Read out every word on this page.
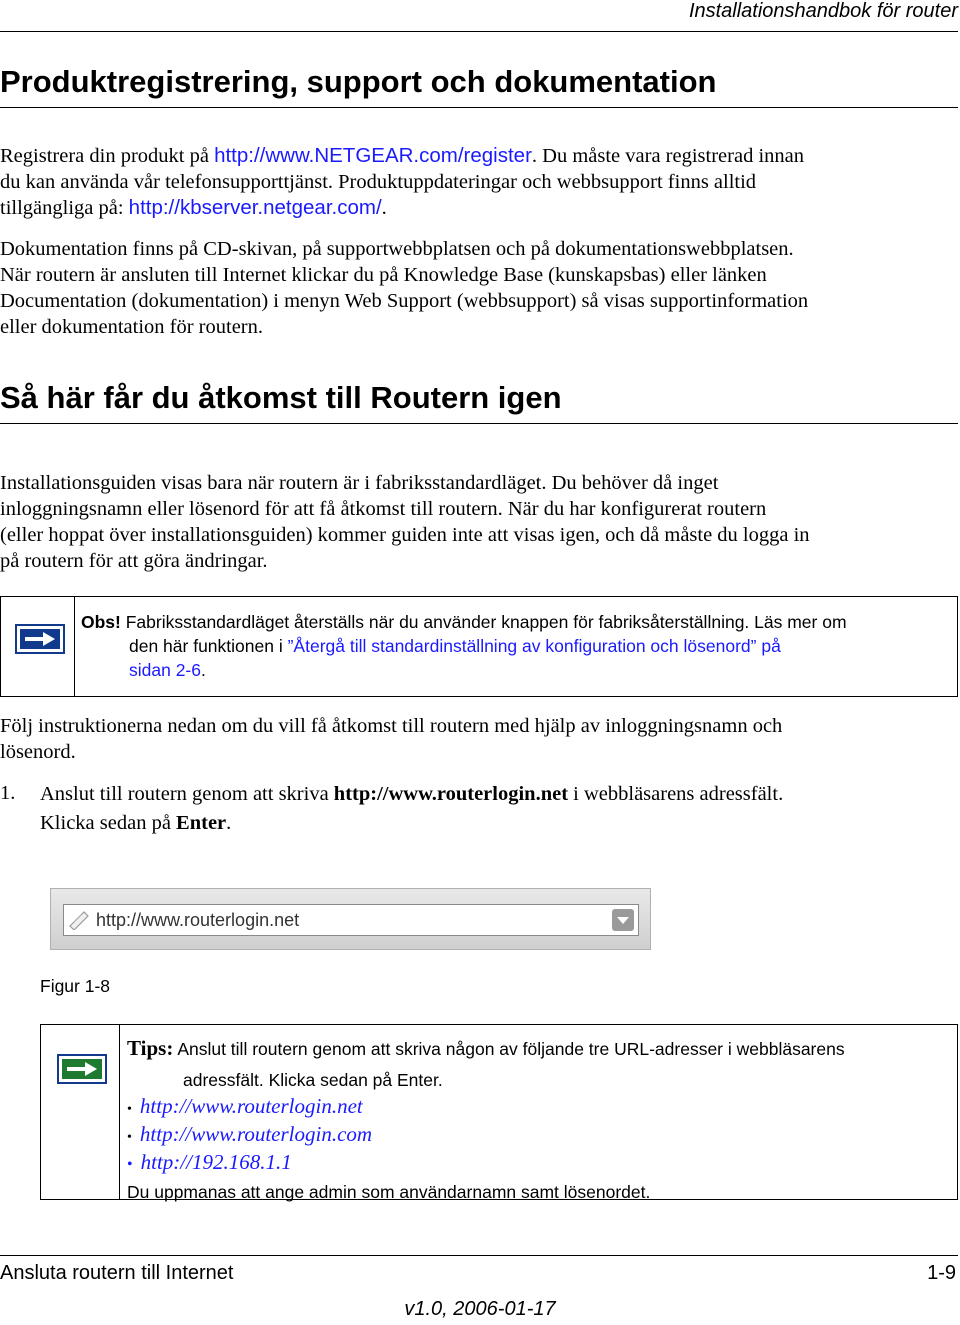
Installationshandbok för router
Produktregistrering, support och dokumentation
Registrera din produkt på http://www.NETGEAR.com/register. Du måste vara registrerad innan
du kan använda vår telefonsupporttjänst. Produktuppdateringar och webbsupport finns alltid
tillgängliga på: http://kbserver.netgear.com/.
Dokumentation finns på CD-skivan, på supportwebbplatsen och på dokumentationswebbplatsen.
När routern är ansluten till Internet klickar du på Knowledge Base (kunskapsbas) eller länken
Documentation (dokumentation) i menyn Web Support (webbsupport) så visas supportinformation
eller dokumentation för routern.
Så här får du åtkomst till Routern igen
Installationsguiden visas bara när routern är i fabriksstandardläget. Du behöver då inget
inloggningsnamn eller lösenord för att få åtkomst till routern. När du har konfigurerat routern
(eller hoppat över installationsguiden) kommer guiden inte att visas igen, och då måste du logga in
på routern för att göra ändringar.
Obs! Fabriksstandardläget återställs när du använder knappen för fabriksåterställning. Läs mer om
den här funktionen i ”Återgå till standardinställning av konfiguration och lösenord” på
sidan 2-6.
Följ instruktionerna nedan om du vill få åtkomst till routern med hjälp av inloggningsnamn och
lösenord.
1. Anslut till routern genom att skriva http://www.routerlogin.net i webbläsarens adressfält.
Klicka sedan på Enter.
http://www.routerlogin.net
Figur 1-8
Tips: Anslut till routern genom att skriva någon av följande tre URL-adresser i webbläsarens
adressfält. Klicka sedan på Enter.
• http://www.routerlogin.net
• http://www.routerlogin.com
• http://192.168.1.1
Du uppmanas att ange admin som användarnamn samt lösenordet.
Ansluta routern till Internet	1-9
v1.0, 2006-01-17
